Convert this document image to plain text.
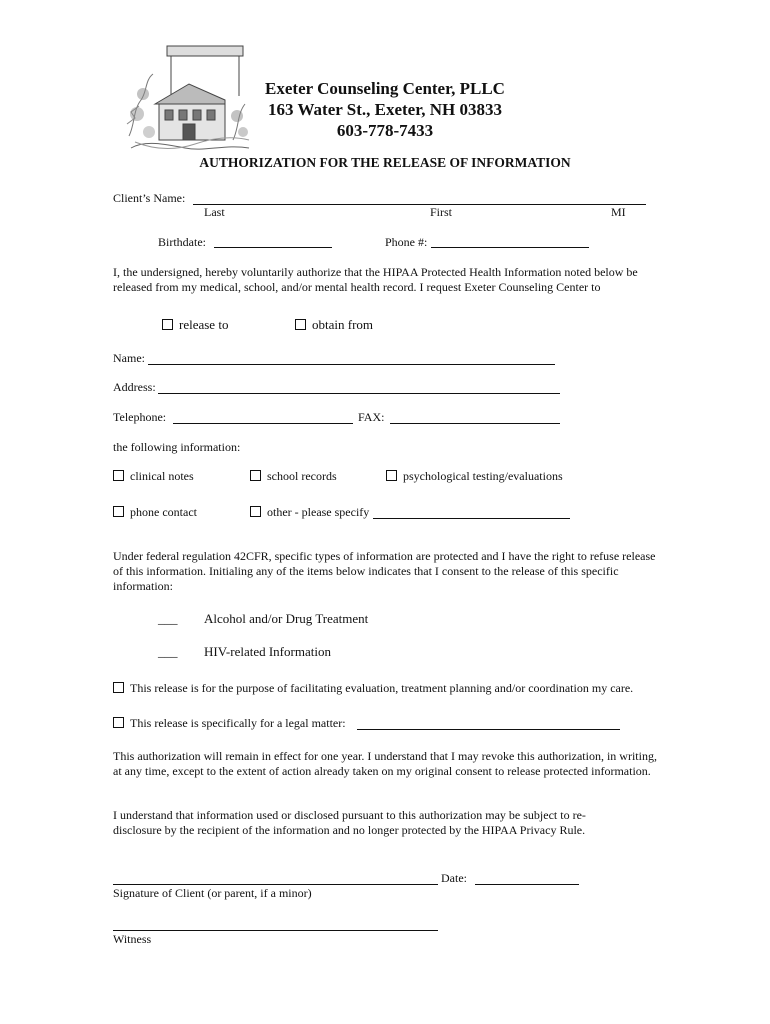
Exeter Counseling Center, PLLC
163 Water St., Exeter, NH 03833
603-778-7433
AUTHORIZATION FOR THE RELEASE OF INFORMATION
Client’s Name:
Last	First	MI
Birthdate:	Phone #:
I, the undersigned, hereby voluntarily authorize that the HIPAA Protected Health Information noted below be released from my medical, school, and/or mental health record. I request Exeter Counseling Center to
release to	obtain from
Name:
Address:
Telephone:	FAX:
the following information:
clinical notes	school records	psychological testing/evaluations
phone contact	other - please specify
Under federal regulation 42CFR, specific types of information are protected and I have the right to refuse release of this information. Initialing any of the items below indicates that I consent to the release of this specific information:
___ Alcohol and/or Drug Treatment
___ HIV-related Information
This release is for the purpose of facilitating evaluation, treatment planning and/or coordination my care.
This release is specifically for a legal matter:
This authorization will remain in effect for one year. I understand that I may revoke this authorization, in writing, at any time, except to the extent of action already taken on my original consent to release protected information.
I understand that information used or disclosed pursuant to this authorization may be subject to re-disclosure by the recipient of the information and no longer protected by the HIPAA Privacy Rule.
Date:
Signature of Client (or parent, if a minor)
Witness
